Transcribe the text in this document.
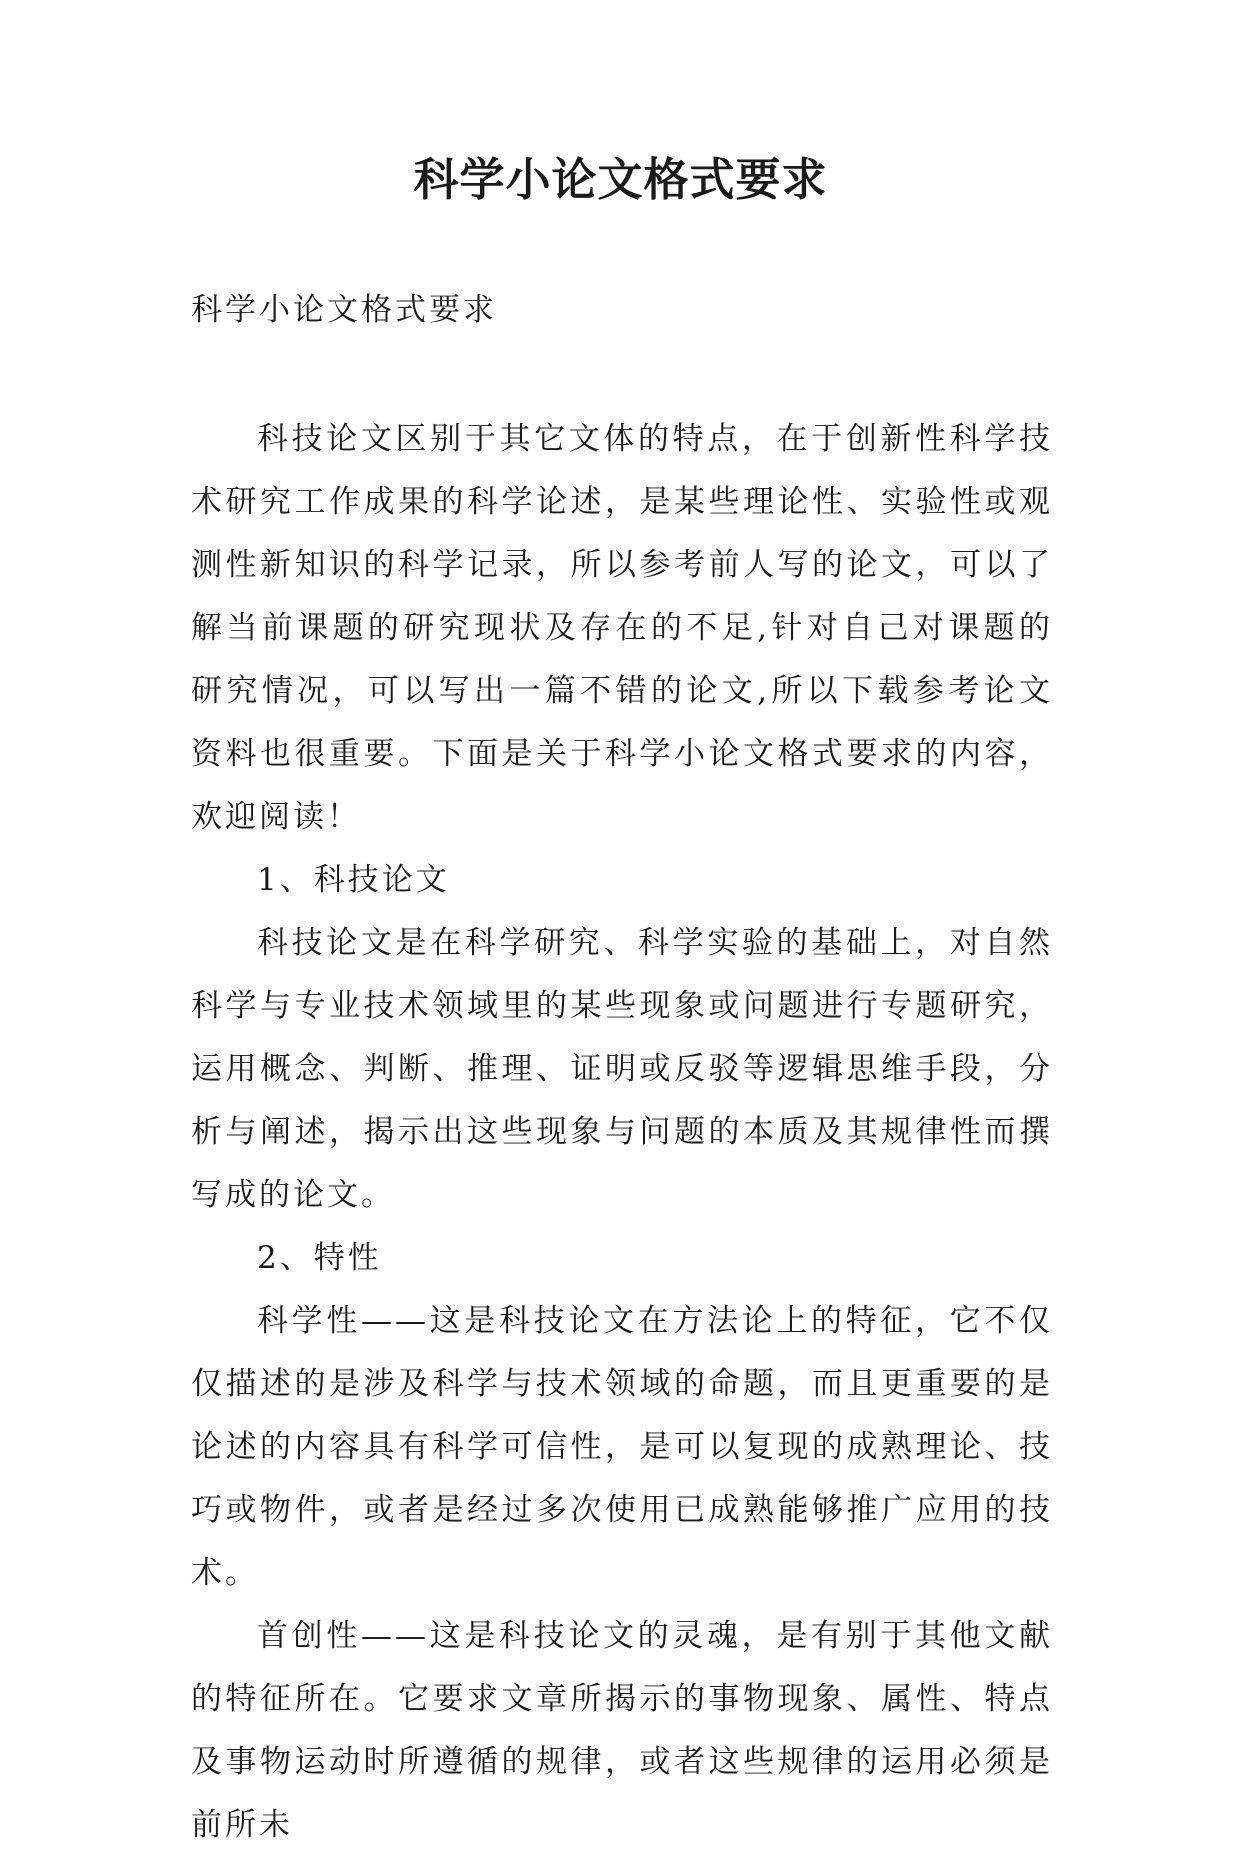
科学小论文格式要求

科学小论文格式要求

科技论文区别于其它文体的特点，在于创新性科学技术研究工作成果的科学论述，是某些理论性、实验性或观测性新知识的科学记录，所以参考前人写的论文，可以了解当前课题的研究现状及存在的不足,针对自己对课题的研究情况，可以写出一篇不错的论文,所以下载参考论文资料也很重要。下面是关于科学小论文格式要求的内容，欢迎阅读！

1、科技论文

科技论文是在科学研究、科学实验的基础上，对自然科学与专业技术领域里的某些现象或问题进行专题研究，运用概念、判断、推理、证明或反驳等逻辑思维手段，分析与阐述，揭示出这些现象与问题的本质及其规律性而撰写成的论文。

2、特性

科学性——这是科技论文在方法论上的特征，它不仅仅描述的是涉及科学与技术领域的命题，而且更重要的是论述的内容具有科学可信性，是可以复现的成熟理论、技巧或物件，或者是经过多次使用已成熟能够推广应用的技术。

首创性——这是科技论文的灵魂，是有别于其他文献的特征所在。它要求文章所揭示的事物现象、属性、特点及事物运动时所遵循的规律，或者这些规律的运用必须是前所未
